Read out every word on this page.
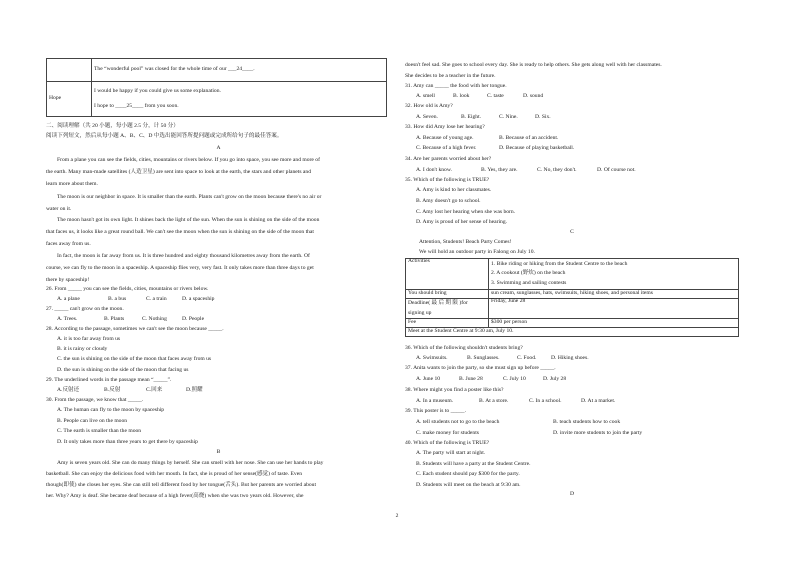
	The “wonderful pool” was closed for the whole time of our ___24____.
Hope	I would be happy if you could give us some explanation.
I hope to ____25____ from you soon.
二、阅读理解（共 20 小题，每小题 2.5 分，计 50 分）
阅读下列短文，然后从每小题 A、B、C、D 中选出能回答所提问题或完成所给句子的最佳答案。
A
From a plane you can see the fields, cities, mountains or rivers below. If you go into space, you see more and more of
the earth. Many man-made satellites (人造卫星) are sent into space to look at the earth, the stars and other planets and
learn more about them.
The moon is our neighbor in space. It is smaller than the earth. Plants can't grow on the moon because there's no air or
water on it.
The moon hasn't got its own light. It shines back the light of the sun. When the sun is shining on the side of the moon
that faces us, it looks like a great round ball. We can't see the moon when the sun is shining on the side of the moon that
faces away from us.
In fact, the moon is far away from us. It is three hundred and eighty thousand kilometres away from the earth. Of
course, we can fly to the moon in a spaceship. A spaceship flies very, very fast. It only takes more than three days to get
there by spaceship!
26. From _____ you can see the fields, cities, mountains or rivers below.
A. a plane	B. a bus	C. a train	D. a spaceship
27. _____ can't grow on the moon.
A. Trees.	B. Plants	C. Nothing	D. People
28. According to the passage, sometimes we can't see the moon because _____.
A. it is too far away from us
B. it is rainy or cloudy
C. the sun is shining on the side of the moon that faces away from us
D. the sun is shining on the side of the moon that facing us
29. The underlined words in the passage mean “_____”.
A.反射还	B.反射	C.回来	D.照耀
30. From the passage, we know that _____.
A. The human can fly to the moon by spaceship
B. People can live on the moon
C. The earth is smaller than the moon
D. It only takes more than three years to get there by spaceship
B
Amy is seven years old. She can do many things by herself. She can smell with her nose. She can use her hands to play
basketball. She can enjoy the delicious food with her mouth. In fact, she is proud of her sense(感觉) of taste. Even
though(即使) she closes her eyes. She can still tell different food by her tongue(舌头). But her parents are worried about
her. Why? Amy is deaf. She became deaf because of a high fever(高烧) when she was two years old. However, she
doesn't feel sad. She goes to school every day. She is ready to help others. She gets along well with her classmates.
She decides to be a teacher in the future.
31. Amy can _____ the food with her tongue.
A. smell	B. look	C. taste	D. sound
32. How old is Amy?
A. Seven.	B. Eight.	C. Nine.	D. Six.
33. How did Amy lose her hearing?
A. Because of young age.	B. Because of an accident.
C. Because of a high fever.	D. Because of playing basketball.
34. Are her parents worried about her?
A. I don't know.	B. Yes, they are.	C. No, they don't.	D. Of course not.
35. Which of the following is TRUE?
A. Amy is kind to her classmates.
B. Amy doesn't go to school.
C. Amy lost her hearing when she was born.
D. Amy is proud of her sense of hearing.
C
Attention, Students! Beach Party Comes!
We will hold an outdoor party in Falong on July 10.
Activities	1. Bike riding or hiking from the Student Centre to the beach
2. A cookout (野炊) on the beach
3. Swimming and sailing contests

You should bring	sun cream, sunglasses, hats, swimsuits, hiking shoes, and personal items

Deadline( 最 后 期 限 )for
signing up	Friday, June 28
Fee	$300 per person
Meet at the Student Centre at 9:30 am, July 10.	
36. Which of the following shouldn't students bring?
A. Swimsuits.	B. Sunglasses.	C. Food.	D. Hiking shoes.
37. Anita wants to join the party, so she must sign up before _____.
A. June 10	B. June 28	C. July 10	D. July 28
38. Where might you find a poster like this?
A. In a museum.	B. At a store.	C. In a school.	D. At a market.
39. This poster is to _____.
A. tell students not to go to the beach	B. teach students how to cook
C. make money for students	D. invite more students to join the party
40. Which of the following is TRUE?
A. The party will start at night.
B. Students will have a party at the Student Centre.
C. Each student should pay $300 for the party.
D. Students will meet on the beach at 9:30 am.
D
2
